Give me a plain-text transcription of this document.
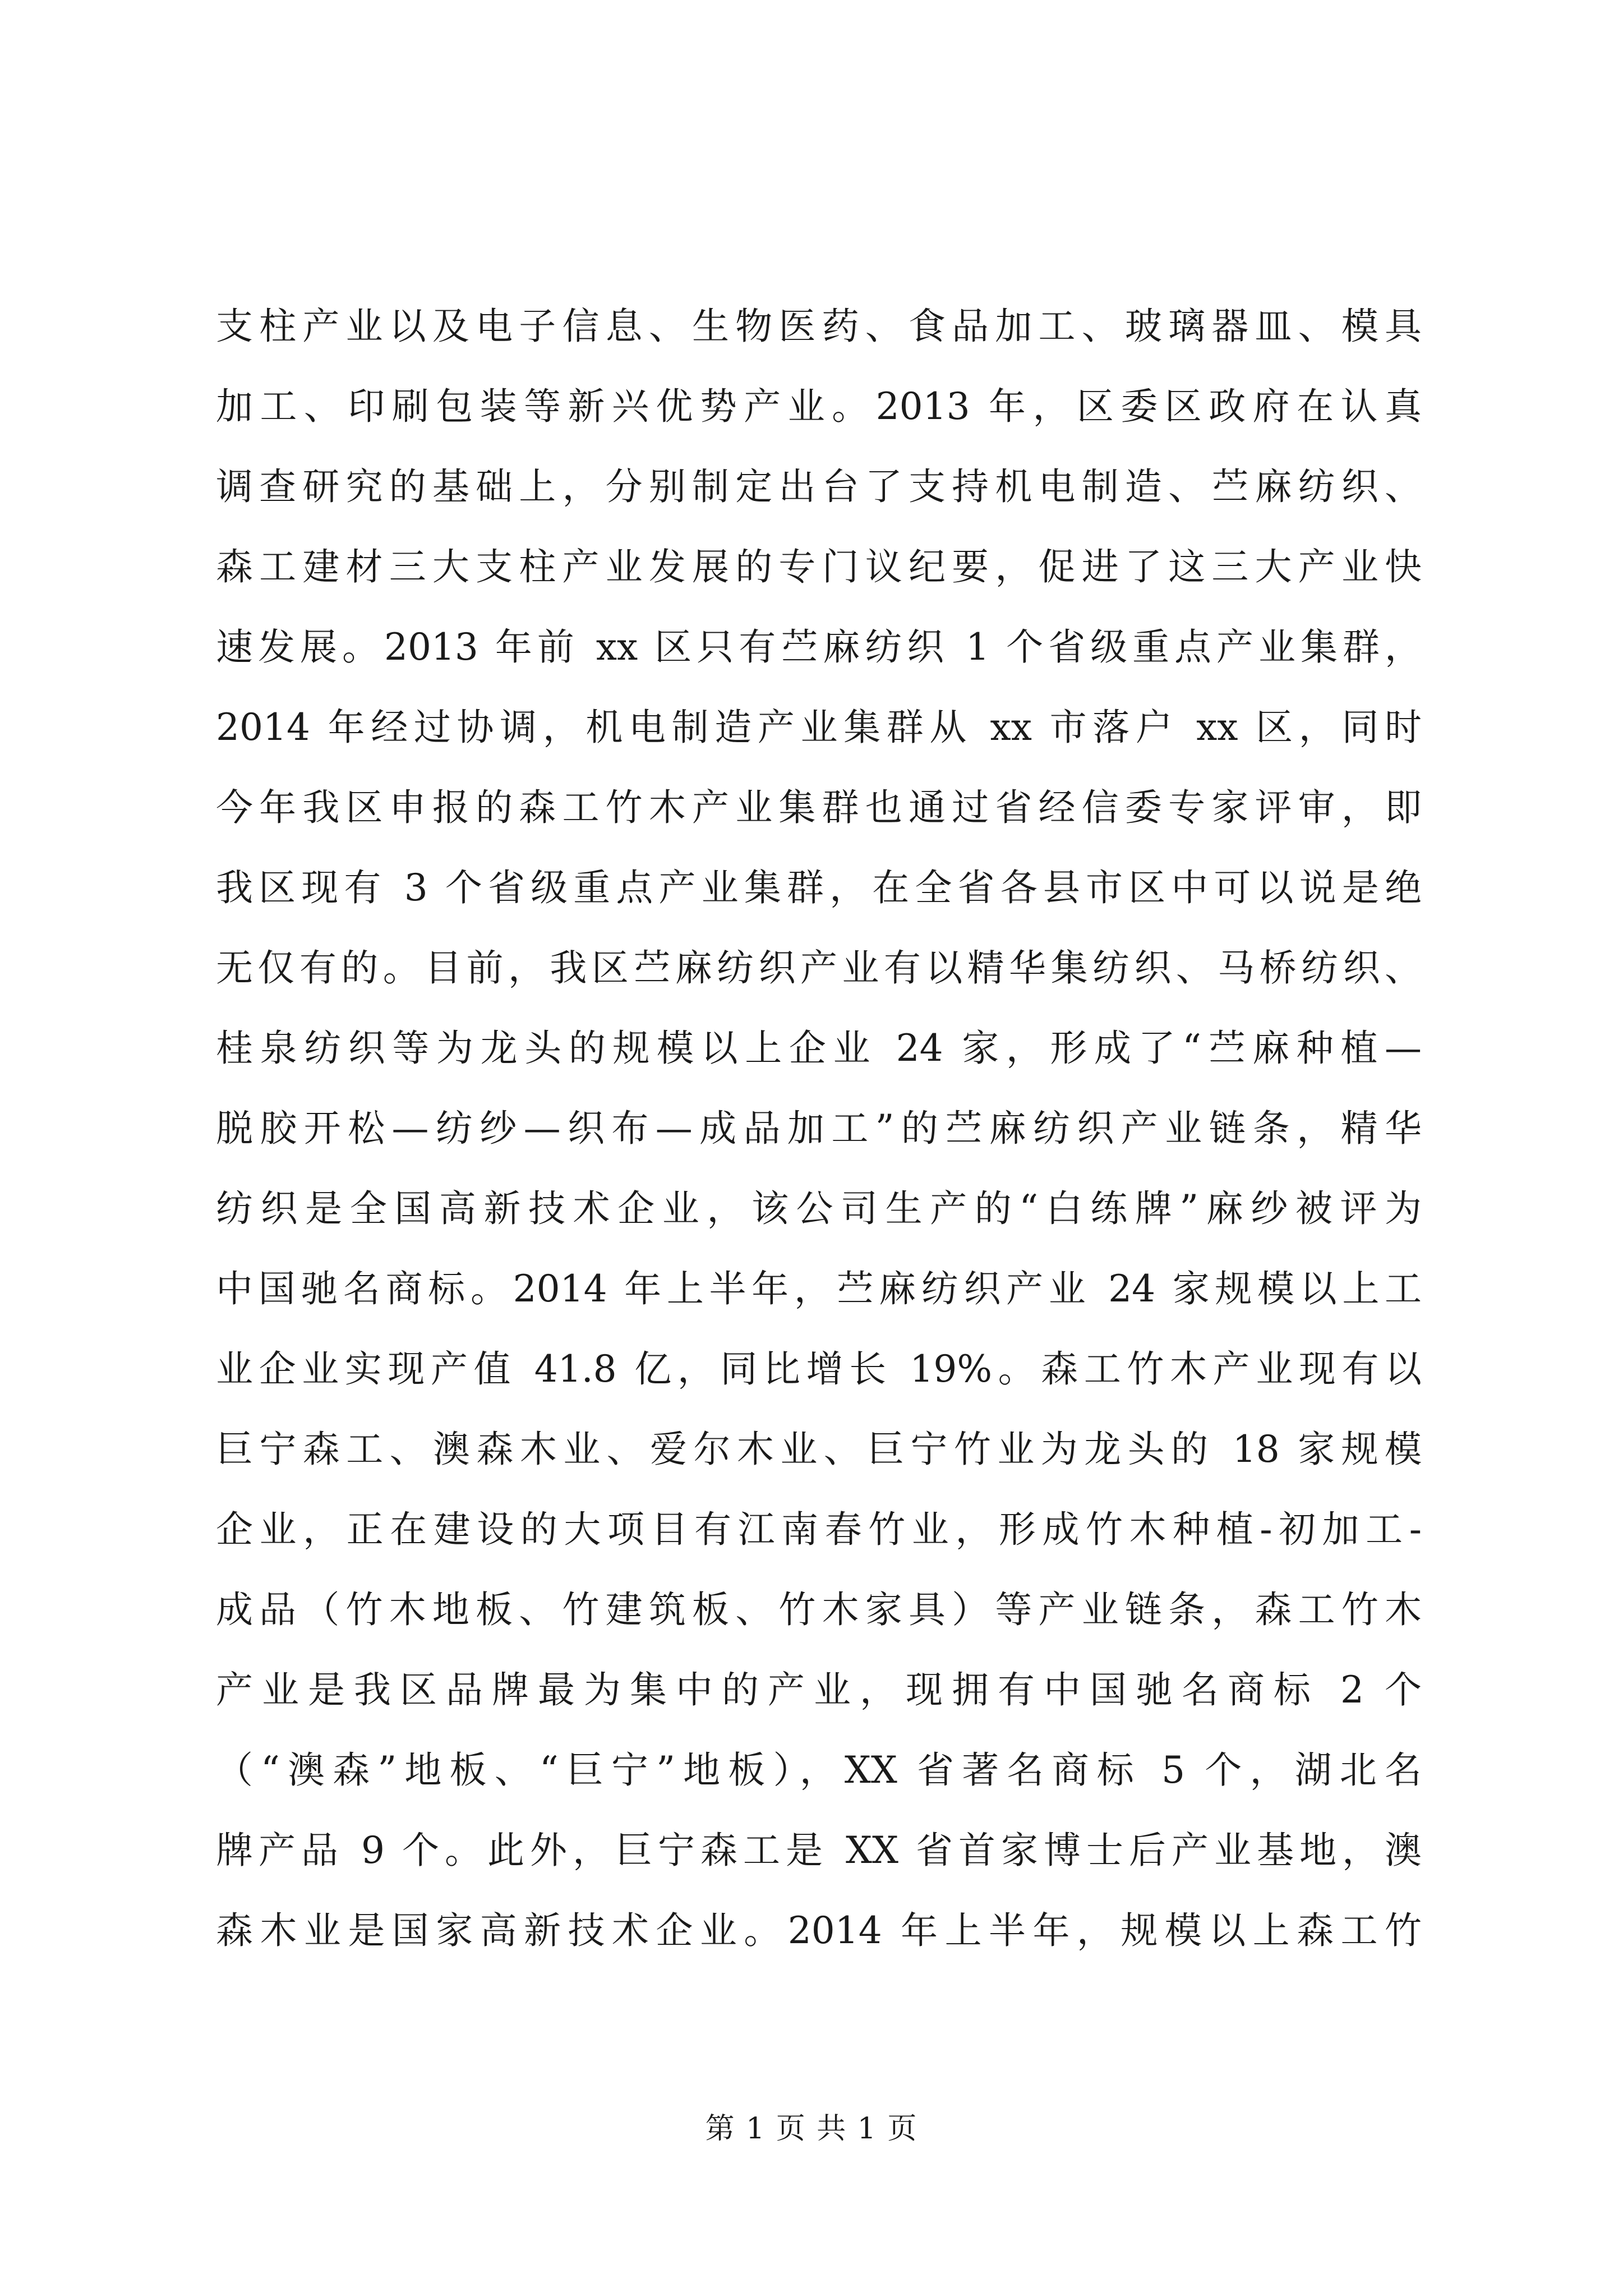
支柱产业以及电子信息、生物医药、食品加工、玻璃器皿、模具
加工、印刷包装等新兴优势产业。2013 年，区委区政府在认真
调查研究的基础上，分别制定出台了支持机电制造、苎麻纺织、
森工建材三大支柱产业发展的专门议纪要，促进了这三大产业快
速发展。2013 年前 xx 区只有苎麻纺织 1 个省级重点产业集群，
2014 年经过协调，机电制造产业集群从 xx 市落户 xx 区，同时
今年我区申报的森工竹木产业集群也通过省经信委专家评审，即
我区现有 3 个省级重点产业集群，在全省各县市区中可以说是绝
无仅有的。目前，我区苎麻纺织产业有以精华集纺织、马桥纺织、
桂泉纺织等为龙头的规模以上企业 24 家，形成了“苎麻种植—
脱胶开松—纺纱—织布—成品加工”的苎麻纺织产业链条，精华
纺织是全国高新技术企业，该公司生产的“白练牌”麻纱被评为
中国驰名商标。2014 年上半年，苎麻纺织产业 24 家规模以上工
业企业实现产值 41.8 亿，同比增长 19%。森工竹木产业现有以
巨宁森工、澳森木业、爱尔木业、巨宁竹业为龙头的 18 家规模
企业，正在建设的大项目有江南春竹业，形成竹木种植-初加工-
成品（竹木地板、竹建筑板、竹木家具）等产业链条，森工竹木
产业是我区品牌最为集中的产业，现拥有中国驰名商标 2 个
（“澳森”地板、“巨宁”地板），XX 省著名商标 5 个，湖北名
牌产品 9 个。此外，巨宁森工是 XX 省首家博士后产业基地，澳
森木业是国家高新技术企业。2014 年上半年，规模以上森工竹
第 1 页 共 1 页
